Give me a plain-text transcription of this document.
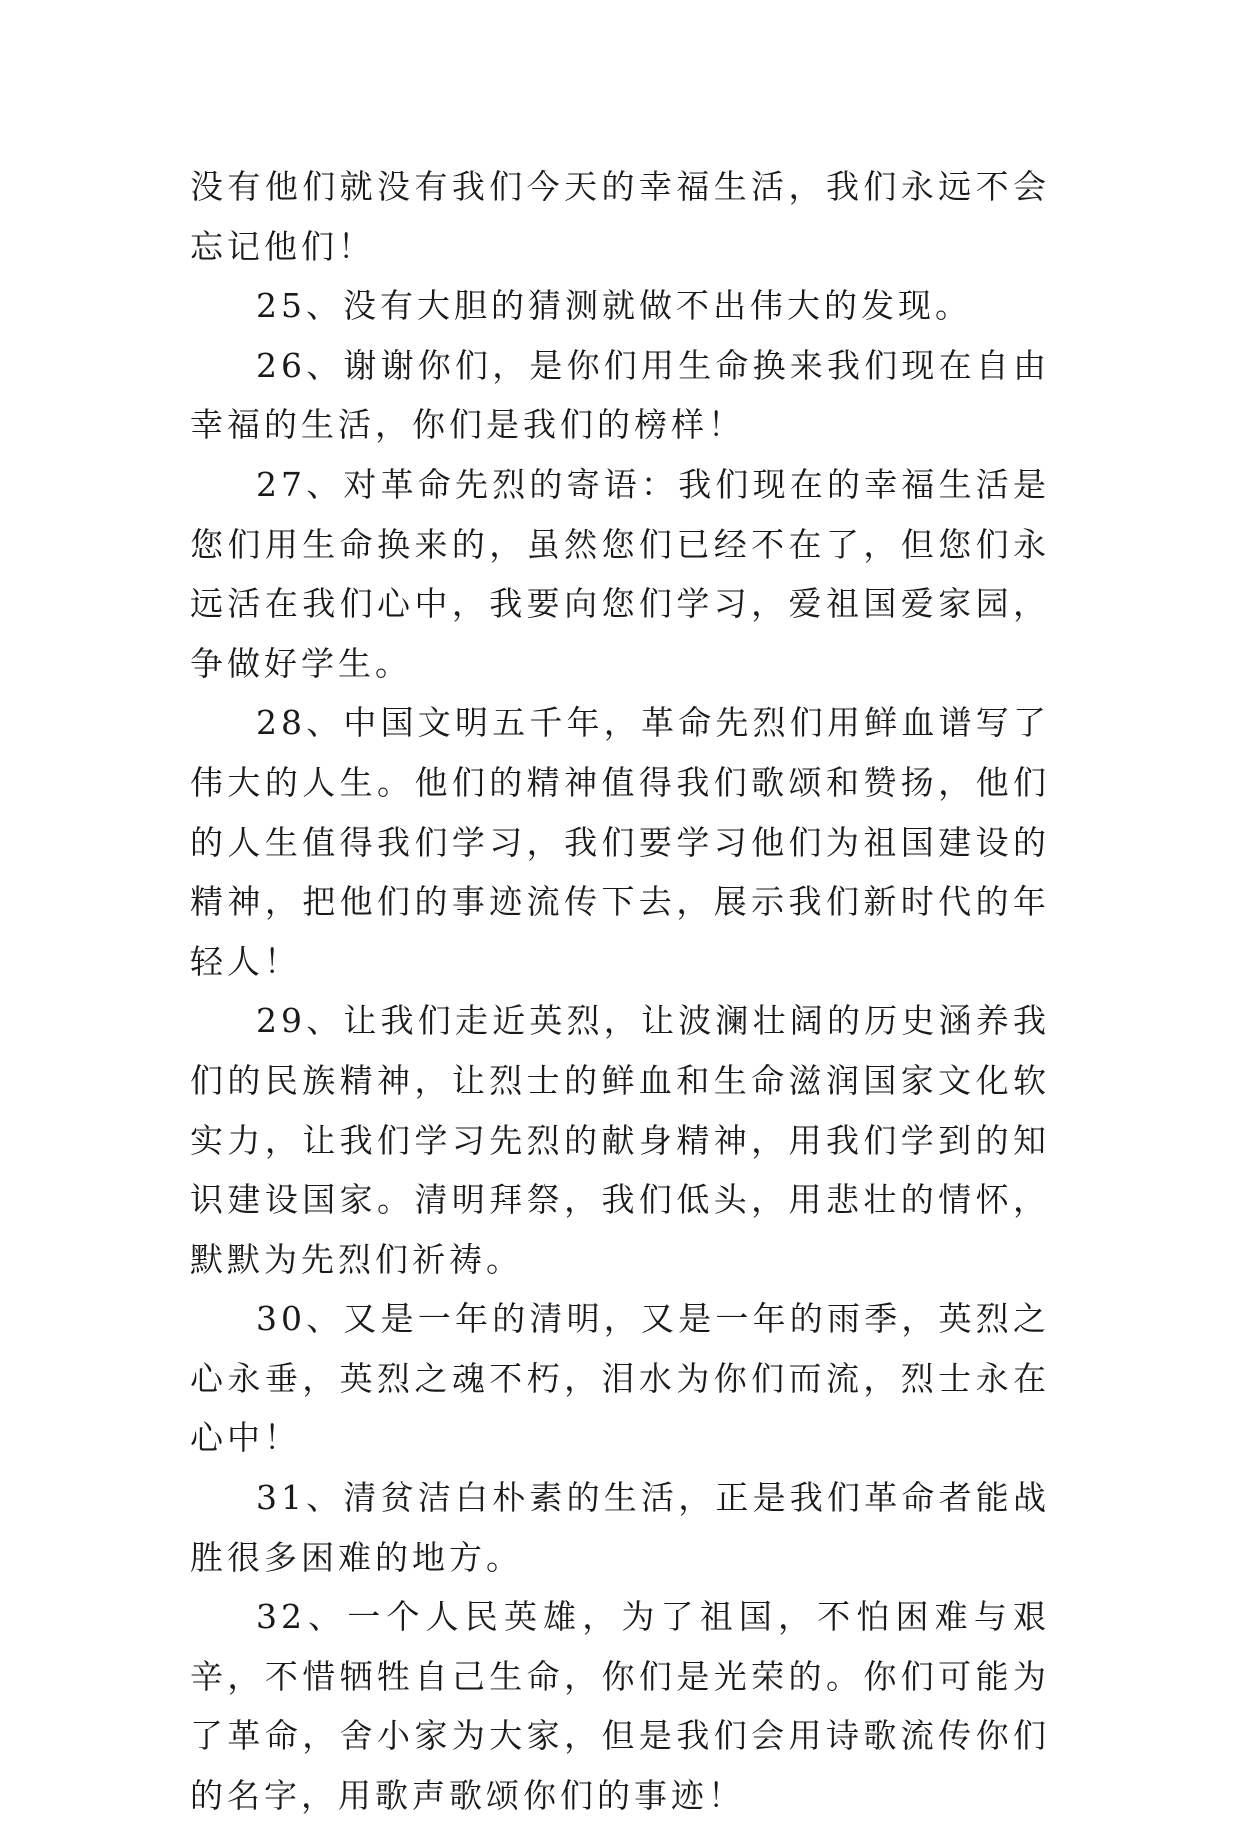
没有他们就没有我们今天的幸福生活，我们永远不会忘记他们！

25、没有大胆的猜测就做不出伟大的发现。

26、谢谢你们，是你们用生命换来我们现在自由幸福的生活，你们是我们的榜样！

27、对革命先烈的寄语：我们现在的幸福生活是您们用生命换来的，虽然您们已经不在了，但您们永远活在我们心中，我要向您们学习，爱祖国爱家园，争做好学生。

28、中国文明五千年，革命先烈们用鲜血谱写了伟大的人生。他们的精神值得我们歌颂和赞扬，他们的人生值得我们学习，我们要学习他们为祖国建设的精神，把他们的事迹流传下去，展示我们新时代的年轻人！

29、让我们走近英烈，让波澜壮阔的历史涵养我们的民族精神，让烈士的鲜血和生命滋润国家文化软实力，让我们学习先烈的献身精神，用我们学到的知识建设国家。清明拜祭，我们低头，用悲壮的情怀，默默为先烈们祈祷。

30、又是一年的清明，又是一年的雨季，英烈之心永垂，英烈之魂不朽，泪水为你们而流，烈士永在心中！

31、清贫洁白朴素的生活，正是我们革命者能战胜很多困难的地方。

32、一个人民英雄，为了祖国，不怕困难与艰辛，不惜牺牲自己生命，你们是光荣的。你们可能为了革命，舍小家为大家，但是我们会用诗歌流传你们的名字，用歌声歌颂你们的事迹！
